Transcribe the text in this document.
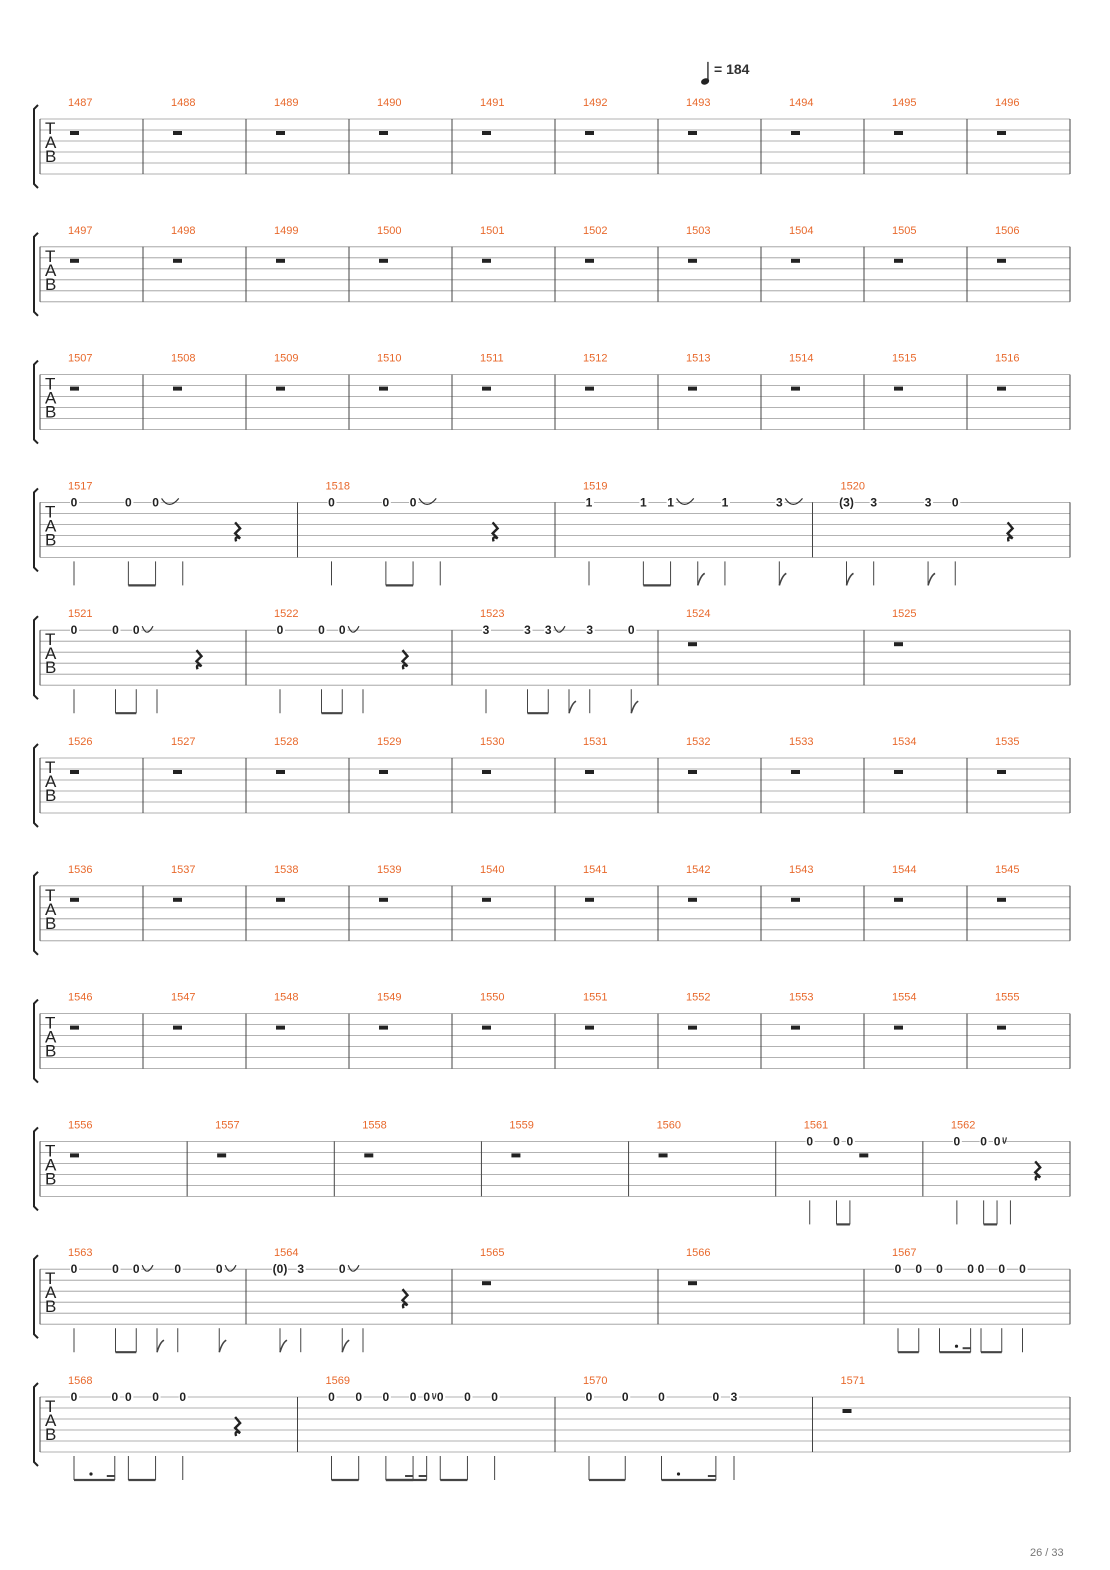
= 184
T
A
B
1487	1488	1489	1490	1491	1492	1493	1494	1495	1496
T
A
B
1497	1498	1499	1500	1501	1502	1503	1504	1505	1506
T
A
B
1507	1508	1509	1510	1511	1512	1513	1514	1515	1516
T
A
B
1517
0	0 0
1518
0	0 0
1519
1	1 1	1	3
1520
(3) 3	3 0
T
A
B
1521
0	0 0
1522
0	0 0
1523
3	3 3	3	0
1524	1525
T
A
B
1526	1527	1528	1529	1530	1531	1532	1533	1534	1535
T
A
B
1536	1537	1538	1539	1540	1541	1542	1543	1544	1545
T
A
B
1546	1547	1548	1549	1550	1551	1552	1553	1554	1555
T
A
B
1556	1557	1558	1559	1560	1561
0 0 0
1562
0 0 0
T
A
B
1563
0	0 0	0	0
1564
(0) 3	0
1565	1566	1567
0 0 0 0 0 0 0
T
A
B
1568
0	0 0 0 0
1569
0 0 0 0 0 0 0 0
1570
0 0 0	0 3
1571
26 / 33
